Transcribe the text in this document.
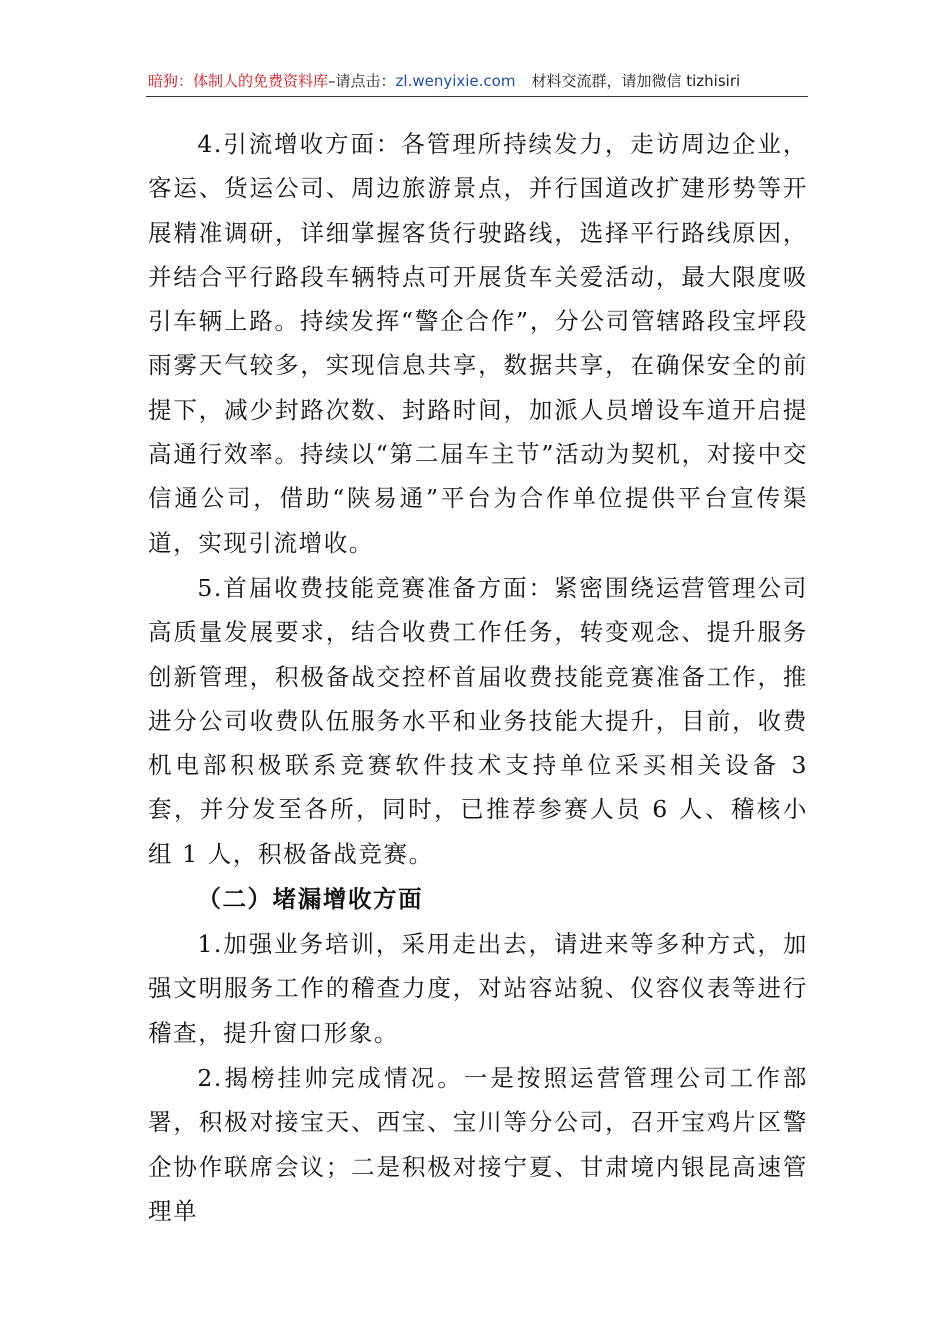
暗狗：体制人的免费资料库–请点击：zl.wenyixie.com 材料交流群，请加微信 tizhisiri

4.引流增收方面：各管理所持续发力，走访周边企业，客运、货运公司、周边旅游景点，并行国道改扩建形势等开展精准调研，详细掌握客货行驶路线，选择平行路线原因，并结合平行路段车辆特点可开展货车关爱活动，最大限度吸引车辆上路。持续发挥“警企合作”，分公司管辖路段宝坪段雨雾天气较多，实现信息共享，数据共享，在确保安全的前提下，减少封路次数、封路时间，加派人员增设车道开启提高通行效率。持续以“第二届车主节”活动为契机，对接中交信通公司，借助“陕易通”平台为合作单位提供平台宣传渠道，实现引流增收。

5.首届收费技能竞赛准备方面：紧密围绕运营管理公司高质量发展要求，结合收费工作任务，转变观念、提升服务创新管理，积极备战交控杯首届收费技能竞赛准备工作，推进分公司收费队伍服务水平和业务技能大提升，目前，收费机电部积极联系竞赛软件技术支持单位采买相关设备 3 套，并分发至各所，同时，已推荐参赛人员 6 人、稽核小组 1 人，积极备战竞赛。

（二）堵漏增收方面

1.加强业务培训，采用走出去，请进来等多种方式，加强文明服务工作的稽查力度，对站容站貌、仪容仪表等进行稽查，提升窗口形象。

2.揭榜挂帅完成情况。一是按照运营管理公司工作部署，积极对接宝天、西宝、宝川等分公司，召开宝鸡片区警企协作联席会议；二是积极对接宁夏、甘肃境内银昆高速管理单
